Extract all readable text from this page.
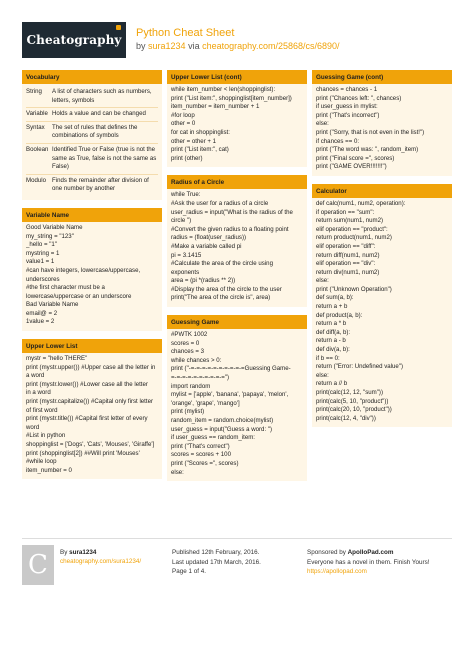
Cheatography Python Cheat Sheet
by sura1234 via cheatography.com/25868/cs/6890/
Vocabulary
String	A list of characters such as numbers, letters, symbols
Variable	Holds a value and can be changed
Syntax	The set of rules that defines the combinations of symbols
Boolean	Identified True or False (true is not the same as True, false is not the same as False)
Modulo	Finds the remainder after division of one number by another
Variable Name
Good Variable Name
my_string = "123"
_hello = "1"
mystring = 1
value1 = 1
#can have integers, lowercase/uppercase,
underscores
#the first character must be a
lowercase/uppercase or an underscore
Bad Variable Name
email@ = 2
1value = 2
Upper Lower List
mystr = "hello THERE"
print (mystr.upper()) #Upper case all the letter in
a word
print (mystr.lower()) #Lower case all the letter
in a word
print (mystr.capitalize()) #Capital only first letter
of first word
print (mystr.title()) #Capital first letter of every
word
#List in python
shoppinglist = ['Dogs', 'Cats', 'Mouses', 'Giraffe']
print (shoppinglist[2]) ##Will print 'Mouses'
#while loop
item_number = 0
Upper Lower List (cont)
while item_number < len(shoppinglist):
print ("List item:", shoppinglist[item_number])
item_number = item_number + 1
#for loop
other = 0
for cat in shoppinglist:
other = other + 1
print ("List item:", cat)
print (other)
Radius of a Circle
while True:
#Ask the user for a radius of a circle
user_radius = input("What is the radius of the
circle ")
#Convert the given radius to a floating point
radius = (float(user_radius))
#Make a variable called pi
pi = 3.1415
#Calculate the area of the circle using
exponents
area = (pi *(radius ** 2))
#Display the area of the circle to the user
print("The area of the circle is", area)
Guessing Game
#PWTK 1002
scores = 0
chances = 3
while chances > 0:
print ("-=-=-=-=-=-=-=-=-=-=Guessing Game-
=-=-=-=-=-=-=-=-=-=")
import random
mylist = ['apple', 'banana', 'papaya', 'melon',
'orange', 'grape', 'mango']
print (mylist)
random_item = random.choice(mylist)
user_guess = input("Guess a word: ")
if user_guess == random_item:
print ("That's correct")
scores = scores + 100
print ("Scores =", scores)
else:
Guessing Game (cont)
chances = chances - 1
print ("Chances left: ", chances)
if user_guess in mylist:
print ("That's incorrect")
else:
print ("Sorry, that is not even in the list!")
if chances == 0:
print ("The word was: ", random_item)
print ("Final score =", scores)
print ("GAME OVER!!!!!!!")
Calculator
def calc(num1, num2, operation):
if operation == "sum":
return sum(num1, num2)
elif operation == "product":
return product(num1, num2)
elif operation == "diff":
return diff(num1, num2)
elif operation == "div":
return div(num1, num2)
else:
print ("Unknown Operation")
def sum(a, b):
return a + b
def product(a, b):
return a * b
def diff(a, b):
return a - b
def div(a, b):
if b == 0:
return ("Error: Undefined value")
else:
return a // b
print(calc(12, 12, "sum"))
print(calc(5, 10, "product"))
print(calc(20, 10, "product"))
print(calc(12, 4, "div"))
C	By sura1234
cheatography.com/sura1234/
Published 12th February, 2016.
Last updated 17th March, 2016.
Page 1 of 4.
Sponsored by ApolloPad.com
Everyone has a novel in them. Finish Yours!
https://apollopad.com
